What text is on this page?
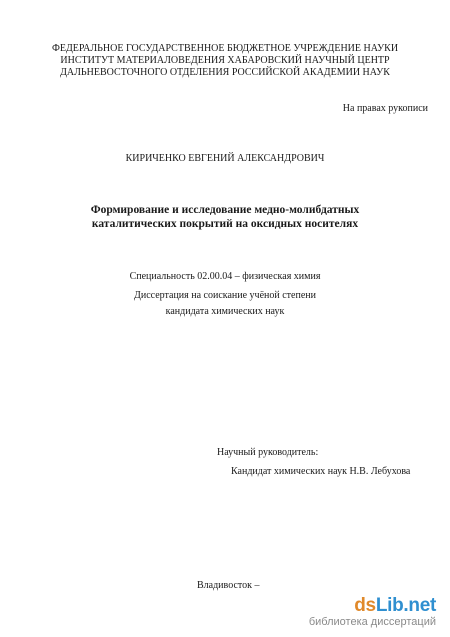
ФЕДЕРАЛЬНОЕ ГОСУДАРСТВЕННОЕ БЮДЖЕТНОЕ УЧРЕЖДЕНИЕ НАУКИ
ИНСТИТУТ МАТЕРИАЛОВЕДЕНИЯ ХАБАРОВСКИЙ НАУЧНЫЙ ЦЕНТР
ДАЛЬНЕВОСТОЧНОГО ОТДЕЛЕНИЯ РОССИЙСКОЙ АКАДЕМИИ НАУК
На правах рукописи
КИРИЧЕНКО ЕВГЕНИЙ АЛЕКСАНДРОВИЧ
Формирование и исследование медно-молибдатных
каталитических покрытий на оксидных носителях
Специальность 02.00.04 – физическая химия
Диссертация на соискание учёной степени
кандидата химических наук
Научный руководитель:
Кандидат химических наук Н.В. Лебухова
Владивосток –
dsLib.net
библиотека диссертаций
